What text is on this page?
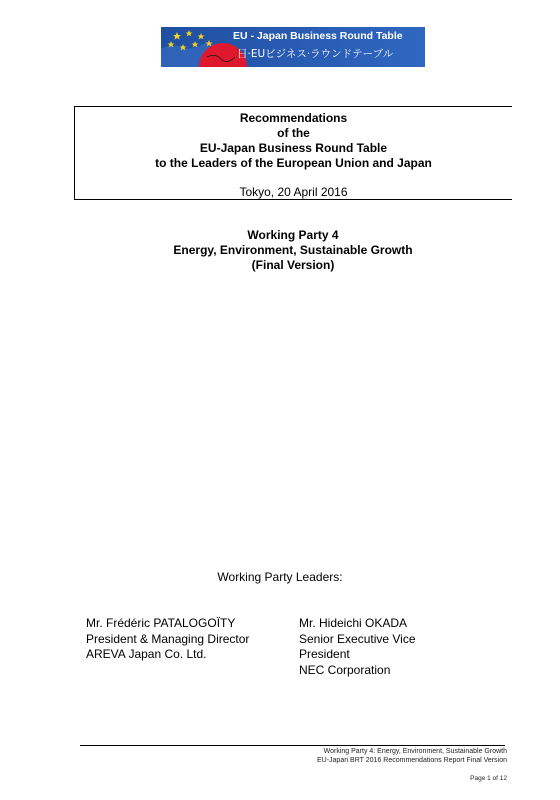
EU - Japan Business Round Table
日·EUビジネス·ラウンドテーブル
Recommendations
of the
EU-Japan Business Round Table
to the Leaders of the European Union and Japan
Tokyo, 20 April 2016
Working Party 4
Energy, Environment, Sustainable Growth
(Final Version)
Working Party Leaders:
Mr. Frédéric PATALOGOÏTY
President & Managing Director
AREVA Japan Co. Ltd.
Mr. Hideichi OKADA
Senior Executive Vice
President
NEC Corporation
Working Party 4: Energy, Environment, Sustainable Growth
EU-Japan BRT 2016 Recommendations Report Final Version
Page 1 of 12
